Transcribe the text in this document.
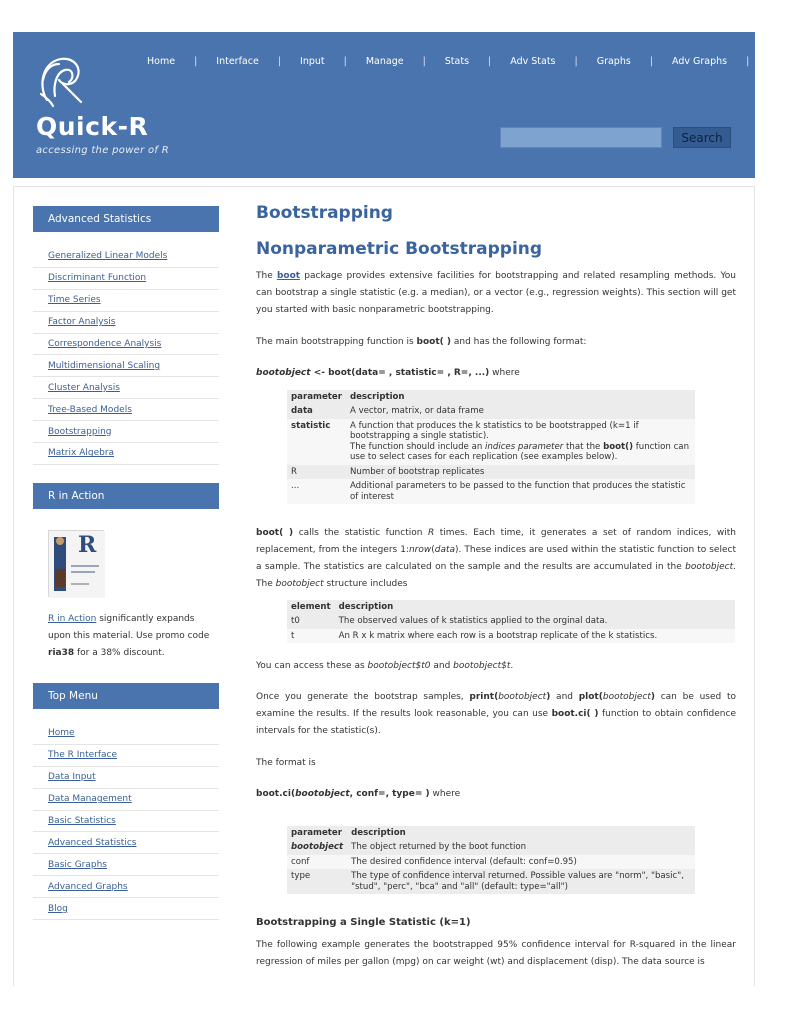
Quick-R
accessing the power of R
Home | Interface | Input | Manage | Stats | Adv Stats | Graphs | Adv Graphs | Blog
Search
Advanced Statistics
Generalized Linear Models
Discriminant Function
Time Series
Factor Analysis
Correspondence Analysis
Multidimensional Scaling
Cluster Analysis
Tree-Based Models
Bootstrapping
Matrix Algebra
R in Action
R
R in Action significantly expands upon this material. Use promo code ria38 for a 38% discount.
Top Menu
Home
The R Interface
Data Input
Data Management
Basic Statistics
Advanced Statistics
Basic Graphs
Advanced Graphs
Blog
Bootstrapping
Nonparametric Bootstrapping
The boot package provides extensive facilities for bootstrapping and related resampling methods. You can bootstrap a single statistic (e.g. a median), or a vector (e.g., regression weights). This section will get you started with basic nonparametric bootstrapping.
The main bootstrapping function is boot( ) and has the following format:
bootobject <- boot(data= , statistic= , R=, ...) where
parameter	description
data	A vector, matrix, or data frame
statistic	A function that produces the k statistics to be bootstrapped (k=1 if bootstrapping a single statistic).
The function should include an indices parameter that the boot() function can use to select cases for each replication (see examples below).
R	Number of bootstrap replicates
...	Additional parameters to be passed to the function that produces the statistic of interest
boot( ) calls the statistic function R times. Each time, it generates a set of random indices, with replacement, from the integers 1:nrow(data). These indices are used within the statistic function to select a sample. The statistics are calculated on the sample and the results are accumulated in the bootobject. The bootobject structure includes
element	description
t0	The observed values of k statistics applied to the orginal data.
t	An R x k matrix where each row is a bootstrap replicate of the k statistics.
You can access these as bootobject$t0 and bootobject$t.
Once you generate the bootstrap samples, print(bootobject) and plot(bootobject) can be used to examine the results. If the results look reasonable, you can use boot.ci( ) function to obtain confidence intervals for the statistic(s).
The format is
boot.ci(bootobject, conf=, type= ) where
parameter	description
bootobject	The object returned by the boot function
conf	The desired confidence interval (default: conf=0.95)
type	The type of confidence interval returned. Possible values are "norm", "basic", "stud", "perc", "bca" and "all" (default: type="all")
Bootstrapping a Single Statistic (k=1)
The following example generates the bootstrapped 95% confidence interval for R-squared in the linear regression of miles per gallon (mpg) on car weight (wt) and displacement (disp). The data source is
